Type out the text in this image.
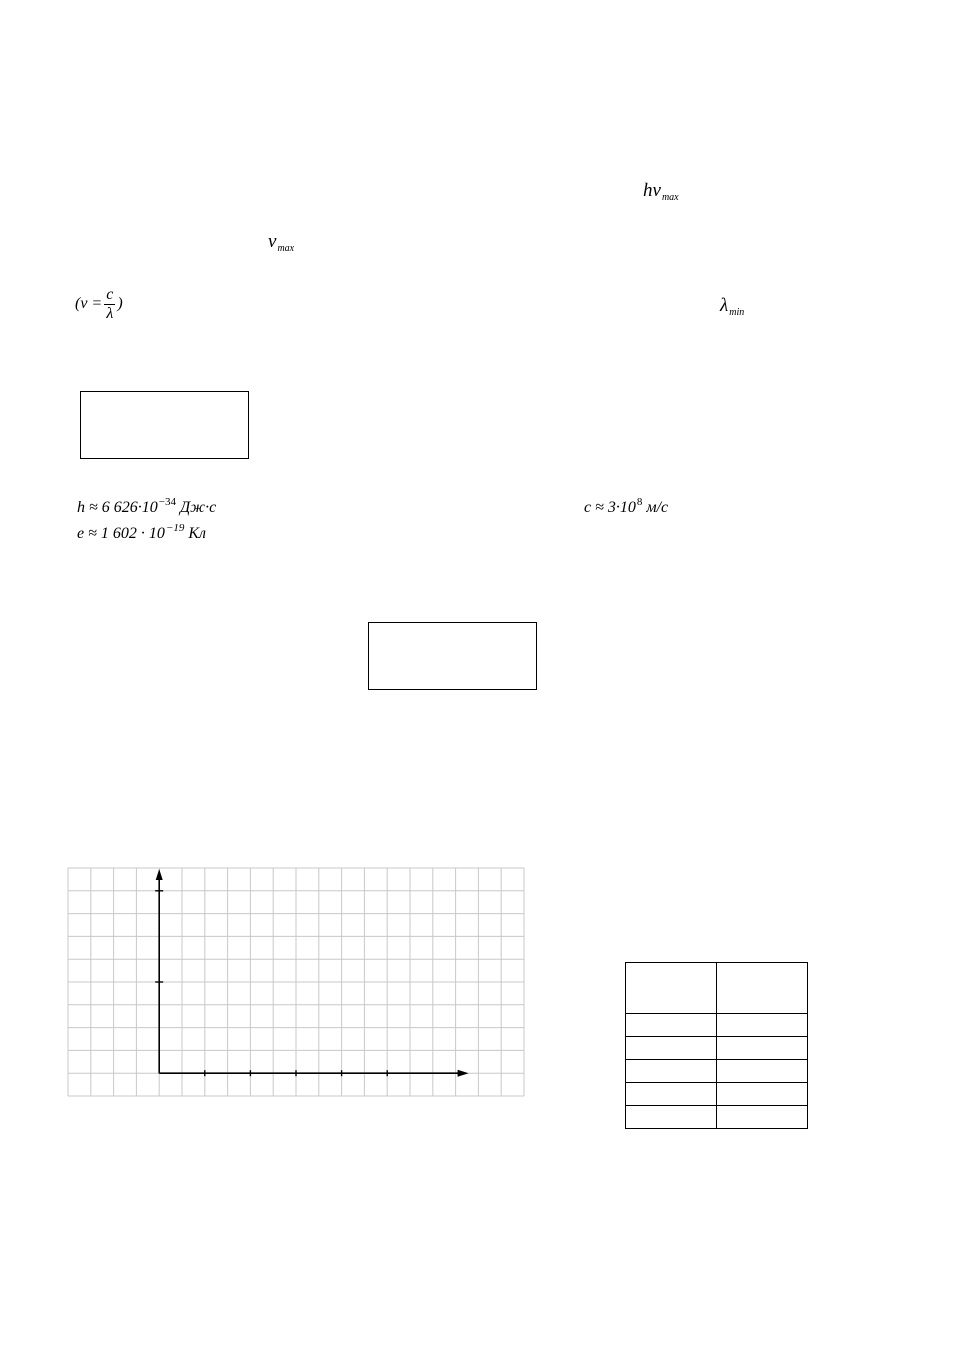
$h\nu_{max}$
$\nu_{max}$
($\nu = \frac{c}{\lambda}$ )	$\lambda_{min}$
h ≈ 6 $626\cdot 10^{-34}$ Дж·с	$c \approx 3\cdot 10^8$ м/с
e ≈ 1 $602 \cdot 10^{-19}$ Кл
